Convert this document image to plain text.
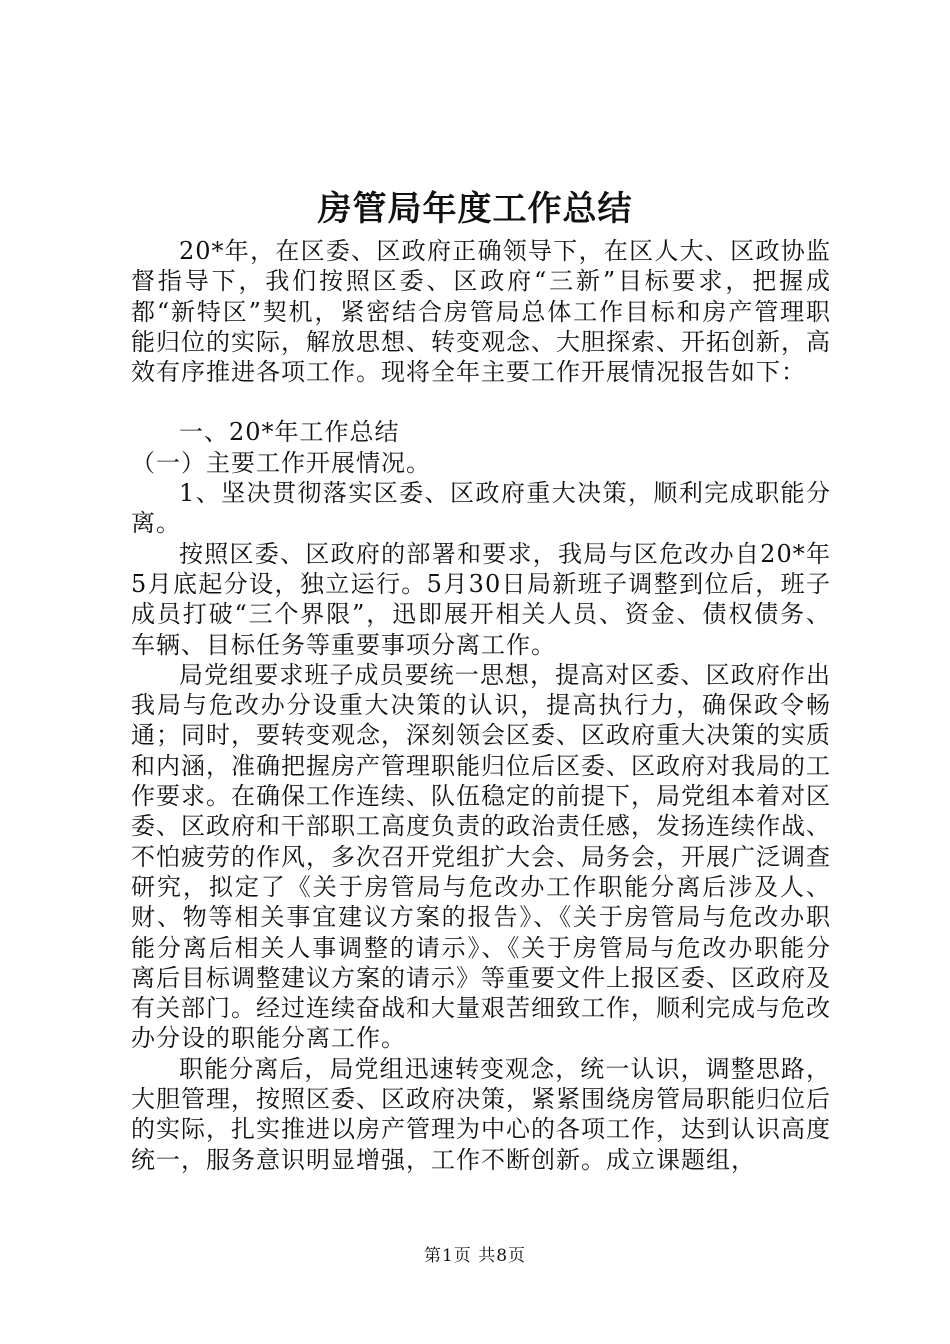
房管局年度工作总结

20*年，在区委、区政府正确领导下，在区人大、区政协监督指导下，我们按照区委、区政府“三新”目标要求，把握成都“新特区”契机，紧密结合房管局总体工作目标和房产管理职能归位的实际，解放思想、转变观念、大胆探索、开拓创新，高效有序推进各项工作。现将全年主要工作开展情况报告如下：

一、20*年工作总结

（一）主要工作开展情况。

1、坚决贯彻落实区委、区政府重大决策，顺利完成职能分离。

按照区委、区政府的部署和要求，我局与区危改办自20*年5月底起分设，独立运行。5月30日局新班子调整到位后，班子成员打破“三个界限”，迅即展开相关人员、资金、债权债务、车辆、目标任务等重要事项分离工作。

局党组要求班子成员要统一思想，提高对区委、区政府作出我局与危改办分设重大决策的认识，提高执行力，确保政令畅通；同时，要转变观念，深刻领会区委、区政府重大决策的实质和内涵，准确把握房产管理职能归位后区委、区政府对我局的工作要求。在确保工作连续、队伍稳定的前提下，局党组本着对区委、区政府和干部职工高度负责的政治责任感，发扬连续作战、不怕疲劳的作风，多次召开党组扩大会、局务会，开展广泛调查研究，拟定了《关于房管局与危改办工作职能分离后涉及人、财、物等相关事宜建议方案的报告》、《关于房管局与危改办职能分离后相关人事调整的请示》、《关于房管局与危改办职能分离后目标调整建议方案的请示》等重要文件上报区委、区政府及有关部门。经过连续奋战和大量艰苦细致工作，顺利完成与危改办分设的职能分离工作。

职能分离后，局党组迅速转变观念，统一认识，调整思路，大胆管理，按照区委、区政府决策，紧紧围绕房管局职能归位后的实际，扎实推进以房产管理为中心的各项工作，达到认识高度统一，服务意识明显增强，工作不断创新。成立课题组，

第1页 共8页
